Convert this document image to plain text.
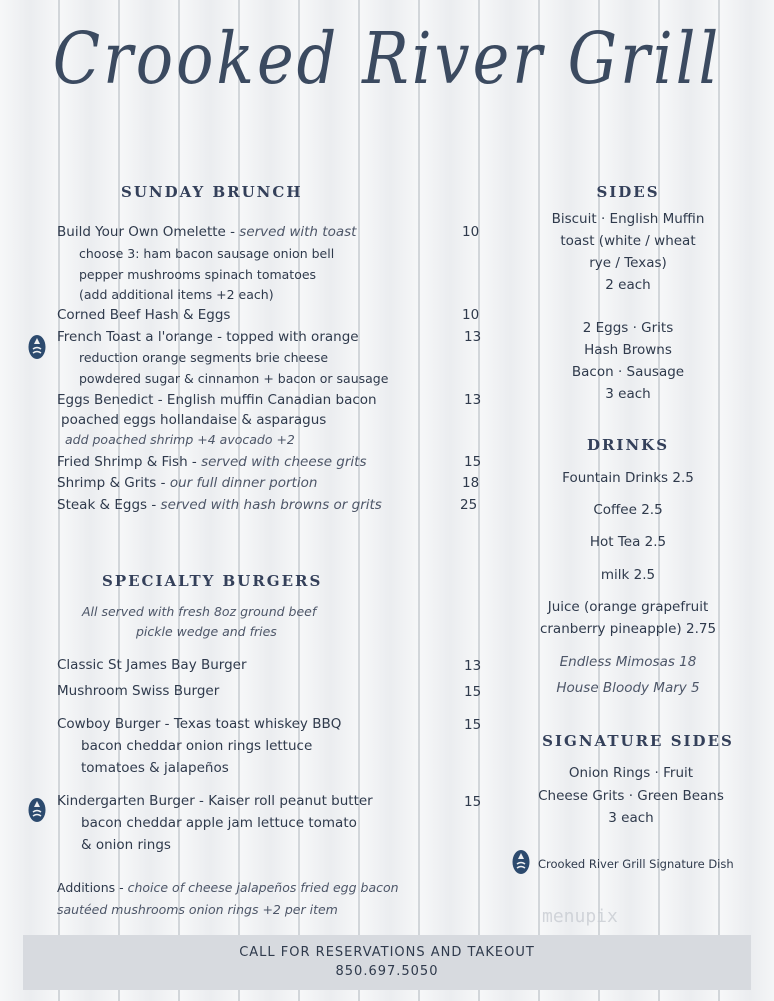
Crooked River Grill
SUNDAY BRUNCH
Build Your Own Omelette - served with toast	10
choose 3: ham bacon sausage onion bell
pepper mushrooms spinach tomatoes
(add additional items +2 each)
Corned Beef Hash & Eggs	10
French Toast a l'orange - topped with orange	13
reduction orange segments brie cheese
powdered sugar & cinnamon + bacon or sausage
Eggs Benedict - English muffin Canadian bacon	13
poached eggs hollandaise & asparagus
add poached shrimp +4 avocado +2
Fried Shrimp & Fish - served with cheese grits	15
Shrimp & Grits - our full dinner portion	18
Steak & Eggs - served with hash browns or grits	25
SPECIALTY BURGERS
All served with fresh 8oz ground beef
pickle wedge and fries
Classic St James Bay Burger	13
Mushroom Swiss Burger	15
Cowboy Burger - Texas toast whiskey BBQ	15
bacon cheddar onion rings lettuce
tomatoes & jalapeños
Kindergarten Burger - Kaiser roll peanut butter	15
bacon cheddar apple jam lettuce tomato
& onion rings
Additions - choice of cheese jalapeños fried egg bacon
sautéed mushrooms onion rings +2 per item
SIDES
Biscuit · English Muffin
toast (white / wheat
rye / Texas)
2 each
2 Eggs · Grits
Hash Browns
Bacon · Sausage
3 each
DRINKS
Fountain Drinks 2.5
Coffee 2.5
Hot Tea 2.5
milk 2.5
Juice (orange grapefruit
cranberry pineapple) 2.75
Endless Mimosas 18
House Bloody Mary 5
SIGNATURE SIDES
Onion Rings · Fruit
Cheese Grits · Green Beans
3 each
Crooked River Grill Signature Dish
menupix
CALL FOR RESERVATIONS AND TAKEOUT
850.697.5050
